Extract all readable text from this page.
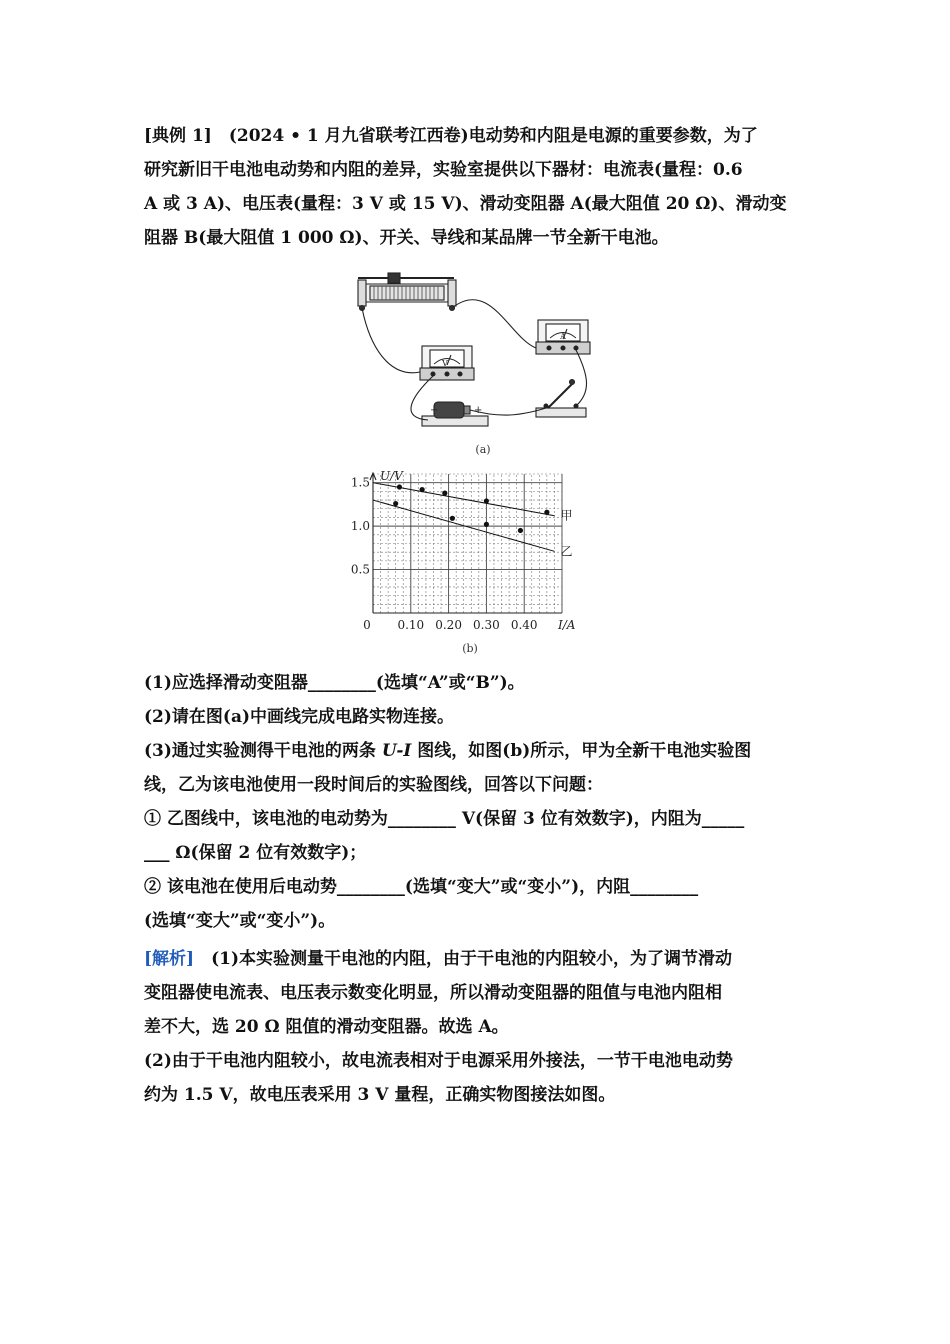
[典例 1]　(2024 • 1 月九省联考江西卷)电动势和内阻是电源的重要参数，为了
研究新旧干电池电动势和内阻的差异，实验室提供以下器材：电流表(量程：0.6
A 或 3 A)、电压表(量程：3 V 或 15 V)、滑动变阻器 A(最大阻值 20 Ω)、滑动变
阻器 B(最大阻值 1 000 Ω)、开关、导线和某品牌一节全新干电池。
V
A
−	+
(a)
U/V
I/A
0 0.10 0.20 0.30 0.40
0.5
1.0
1.5
甲
乙
(b)
(1)应选择滑动变阻器________(选填“A”或“B”)。
(2)请在图(a)中画线完成电路实物连接。
(3)通过实验测得干电池的两条 U-I 图线，如图(b)所示，甲为全新干电池实验图
线，乙为该电池使用一段时间后的实验图线，回答以下问题：
① 乙图线中，该电池的电动势为________ V(保留 3 位有效数字)，内阻为_____
___ Ω(保留 2 位有效数字)；
② 该电池在使用后电动势________(选填“变大”或“变小”)，内阻________
(选填“变大”或“变小”)。
[解析]　(1)本实验测量干电池的内阻，由于干电池的内阻较小，为了调节滑动
变阻器使电流表、电压表示数变化明显，所以滑动变阻器的阻值与电池内阻相
差不大，选 20 Ω 阻值的滑动变阻器。故选 A。
(2)由于干电池内阻较小，故电流表相对于电源采用外接法，一节干电池电动势
约为 1.5 V，故电压表采用 3 V 量程，正确实物图接法如图。
